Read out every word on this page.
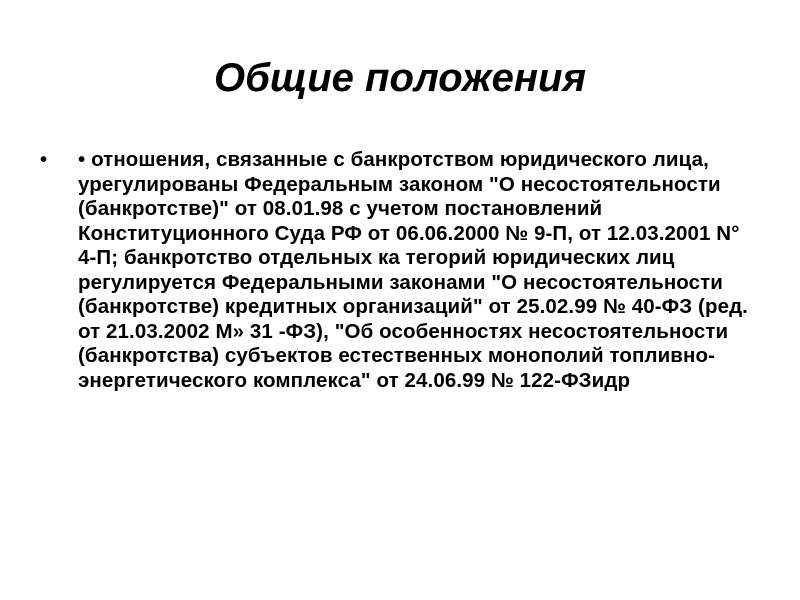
Общие положения
• • отношения, связанные с банкротством юридического лица, урегулированы Федеральным законом "О несостоятельности (банкротстве)" от 08.01.98 с учетом постановлений Конституционного Суда РФ от 06.06.2000 № 9-П, от 12.03.2001 N° 4-П; банкротство отдельных ка тегорий юридических лиц регулируется Федеральными законами "О несостоятельности (банкротстве) кредитных организаций" от 25.02.99 № 40-ФЗ (ред. от 21.03.2002 М» 31 -ФЗ), "Об особенностях несостоятельности (банкротства) субъектов естественных монополий топливно-энергетического комплекса" от 24.06.99 № 122-ФЗидр
